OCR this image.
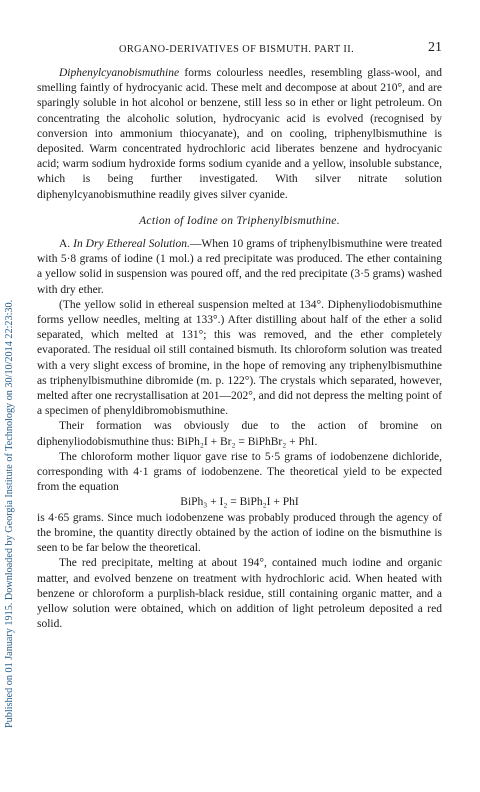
Published on 01 January 1915. Downloaded by Georgia Institute of Technology on 30/10/2014 22:23:30.
ORGANO-DERIVATIVES OF BISMUTH. PART II.	21

Diphenylcyanobismuthine forms colourless needles, resembling glass-wool, and smelling faintly of hydrocyanic acid. These melt and decompose at about 210°, and are sparingly soluble in hot alcohol or benzene, still less so in ether or light petroleum. On concentrating the alcoholic solution, hydrocyanic acid is evolved (recognised by conversion into ammonium thiocyanate), and on cooling, triphenylbismuthine is deposited. Warm concentrated hydrochloric acid liberates benzene and hydrocyanic acid; warm sodium hydroxide forms sodium cyanide and a yellow, insoluble substance, which is being further investigated. With silver nitrate solution diphenylcyanobismuthine readily gives silver cyanide.

Action of Iodine on Triphenylbismuthine.

A. In Dry Ethereal Solution.—When 10 grams of triphenylbismuthine were treated with 5·8 grams of iodine (1 mol.) a red precipitate was produced. The ether containing a yellow solid in suspension was poured off, and the red precipitate (3·5 grams) washed with dry ether.

(The yellow solid in ethereal suspension melted at 134°. Diphenyliodobismuthine forms yellow needles, melting at 133°.) After distilling about half of the ether a solid separated, which melted at 131°; this was removed, and the ether completely evaporated. The residual oil still contained bismuth. Its chloroform solution was treated with a very slight excess of bromine, in the hope of removing any triphenylbismuthine as triphenylbismuthine dibromide (m. p. 122°). The crystals which separated, however, melted after one recrystallisation at 201—202°, and did not depress the melting point of a specimen of phenyldibromobismuthine.

Their formation was obviously due to the action of bromine on diphenyliodobismuthine thus: BiPh₂I + Br₂ = BiPhBr₂ + PhI.

The chloroform mother liquor gave rise to 5·5 grams of iodobenzene dichloride, corresponding with 4·1 grams of iodobenzene. The theoretical yield to be expected from the equation

BiPh₃ + I₂ = BiPh₂I + PhI

is 4·65 grams. Since much iodobenzene was probably produced through the agency of the bromine, the quantity directly obtained by the action of iodine on the bismuthine is seen to be far below the theoretical.

The red precipitate, melting at about 194°, contained much iodine and organic matter, and evolved benzene on treatment with hydrochloric acid. When heated with benzene or chloroform a purplish-black residue, still containing organic matter, and a yellow solution were obtained, which on addition of light petroleum deposited a red solid.
